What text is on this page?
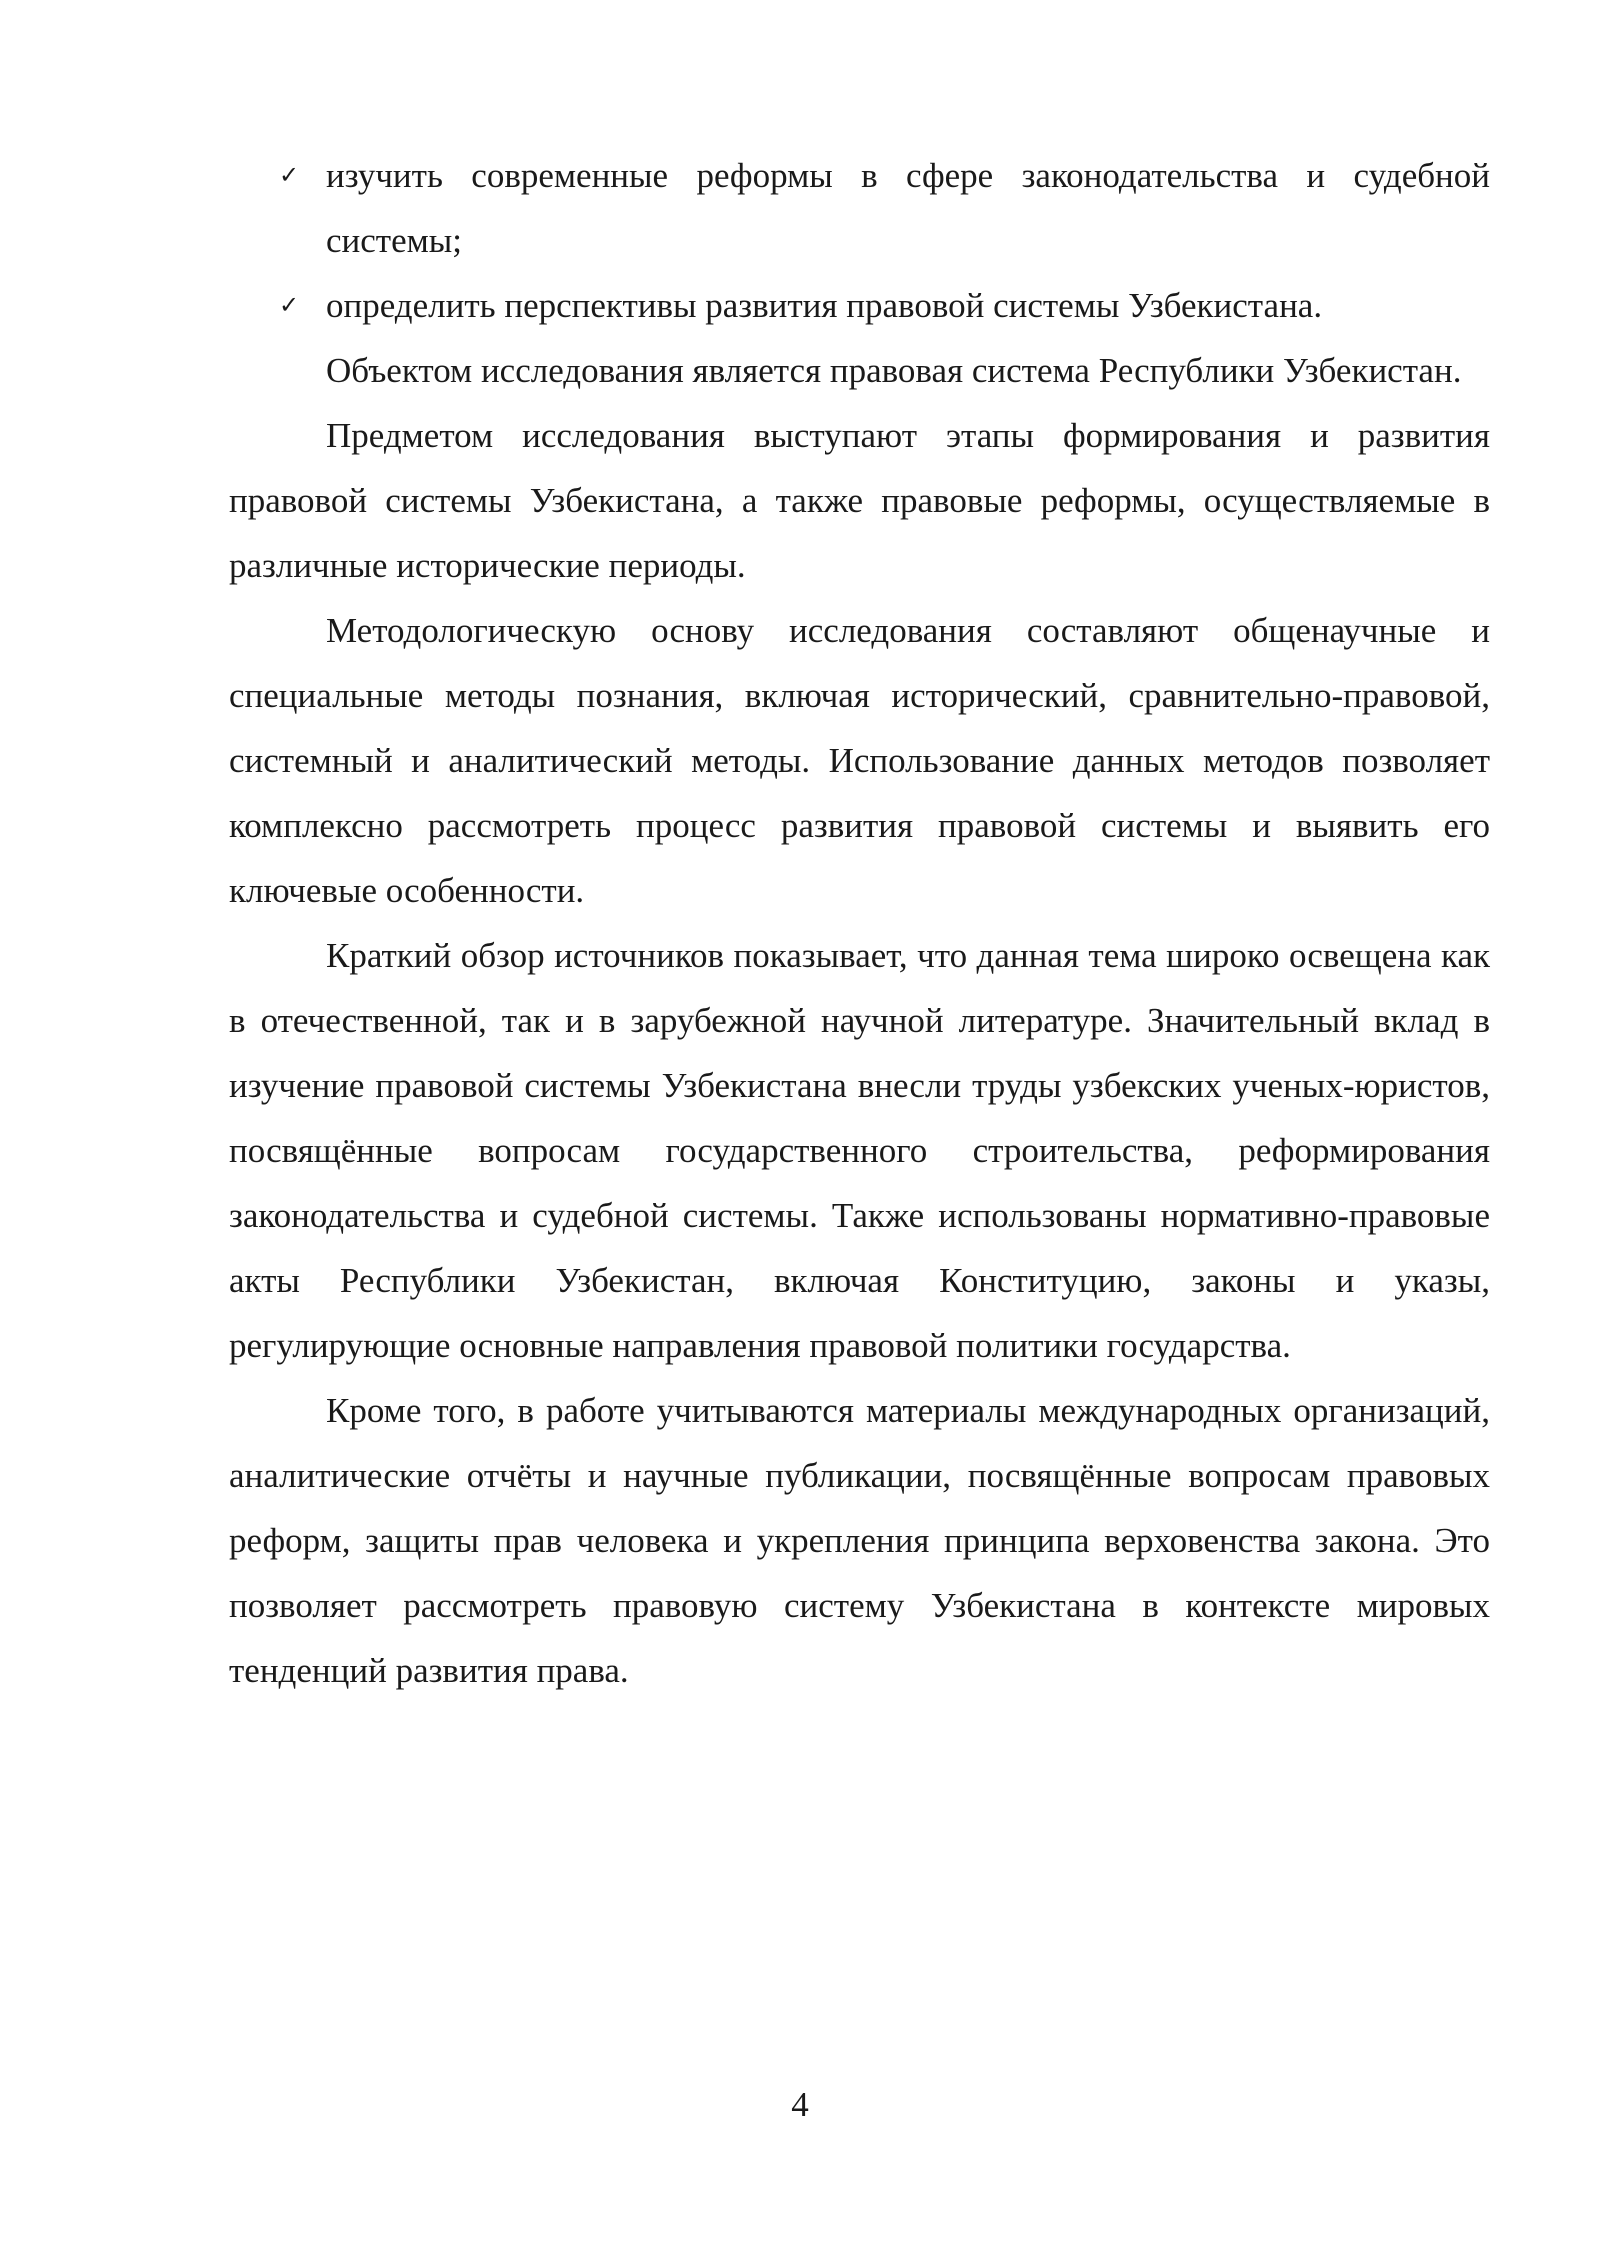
✓ изучить современные реформы в сфере законодательства и судебной системы;
✓ определить перспективы развития правовой системы Узбекистана.

Объектом исследования является правовая система Республики Узбекистан.

Предметом исследования выступают этапы формирования и развития правовой системы Узбекистана, а также правовые реформы, осуществляемые в различные исторические периоды.

Методологическую основу исследования составляют общенаучные и специальные методы познания, включая исторический, сравнительно-правовой, системный и аналитический методы. Использование данных методов позволяет комплексно рассмотреть процесс развития правовой системы и выявить его ключевые особенности.

Краткий обзор источников показывает, что данная тема широко освещена как в отечественной, так и в зарубежной научной литературе. Значительный вклад в изучение правовой системы Узбекистана внесли труды узбекских ученых-юристов, посвящённые вопросам государственного строительства, реформирования законодательства и судебной системы. Также использованы нормативно-правовые акты Республики Узбекистан, включая Конституцию, законы и указы, регулирующие основные направления правовой политики государства.

Кроме того, в работе учитываются материалы международных организаций, аналитические отчёты и научные публикации, посвящённые вопросам правовых реформ, защиты прав человека и укрепления принципа верховенства закона. Это позволяет рассмотреть правовую систему Узбекистана в контексте мировых тенденций развития права.

4
